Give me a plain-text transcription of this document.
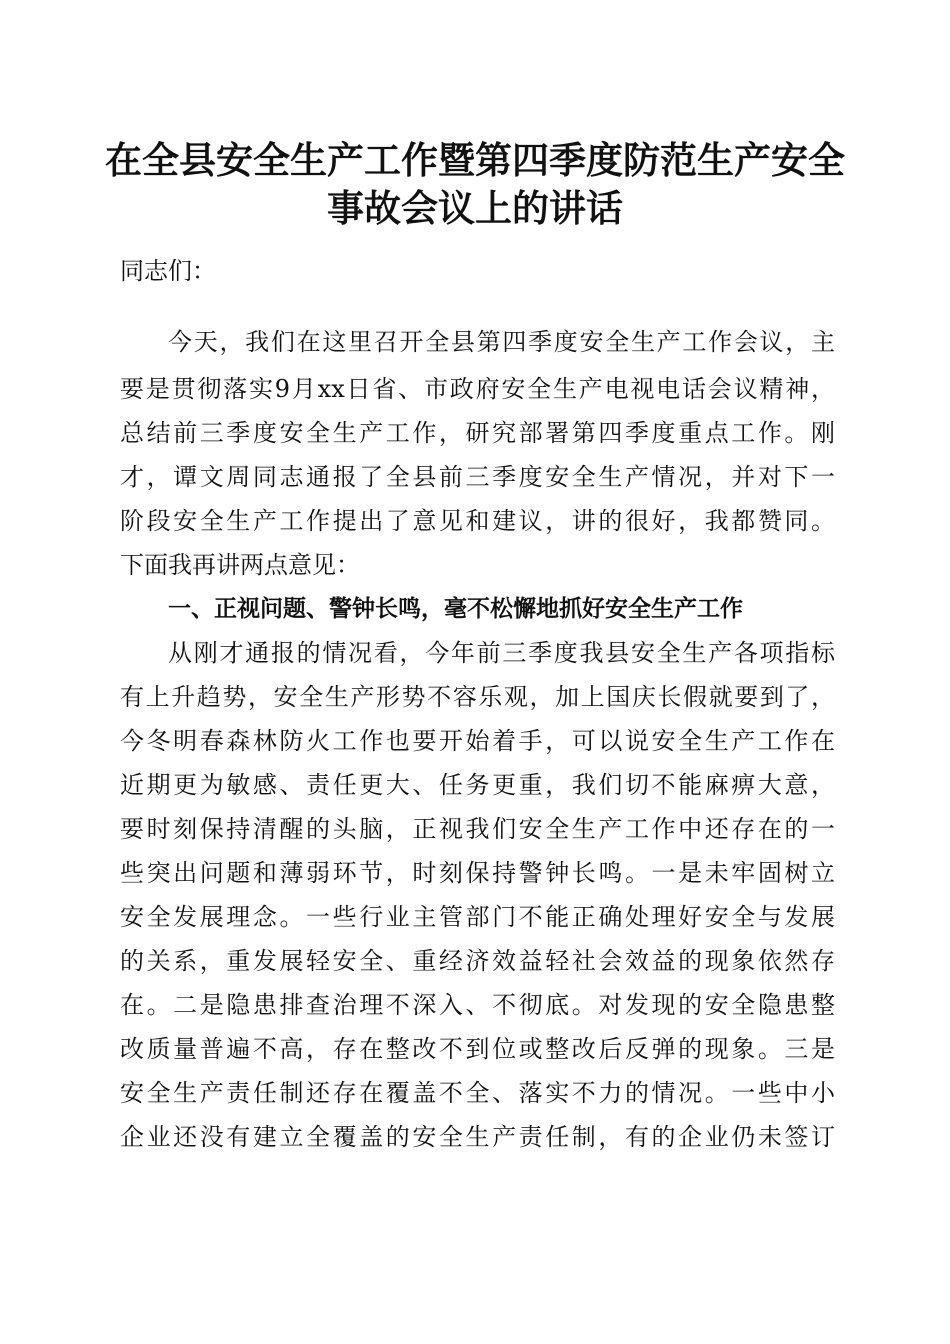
在全县安全生产工作暨第四季度防范生产安全
事故会议上的讲话
同志们：
今天，我们在这里召开全县第四季度安全生产工作会议，主
要是贯彻落实9月xx日省、市政府安全生产电视电话会议精神，
总结前三季度安全生产工作，研究部署第四季度重点工作。刚
才，谭文周同志通报了全县前三季度安全生产情况，并对下一
阶段安全生产工作提出了意见和建议，讲的很好，我都赞同。
下面我再讲两点意见：
一、正视问题、警钟长鸣，毫不松懈地抓好安全生产工作
从刚才通报的情况看，今年前三季度我县安全生产各项指标
有上升趋势，安全生产形势不容乐观，加上国庆长假就要到了，
今冬明春森林防火工作也要开始着手，可以说安全生产工作在
近期更为敏感、责任更大、任务更重，我们切不能麻痹大意，
要时刻保持清醒的头脑，正视我们安全生产工作中还存在的一
些突出问题和薄弱环节，时刻保持警钟长鸣。一是未牢固树立
安全发展理念。一些行业主管部门不能正确处理好安全与发展
的关系，重发展轻安全、重经济效益轻社会效益的现象依然存
在。二是隐患排查治理不深入、不彻底。对发现的安全隐患整
改质量普遍不高，存在整改不到位或整改后反弹的现象。三是
安全生产责任制还存在覆盖不全、落实不力的情况。一些中小
企业还没有建立全覆盖的安全生产责任制，有的企业仍未签订
